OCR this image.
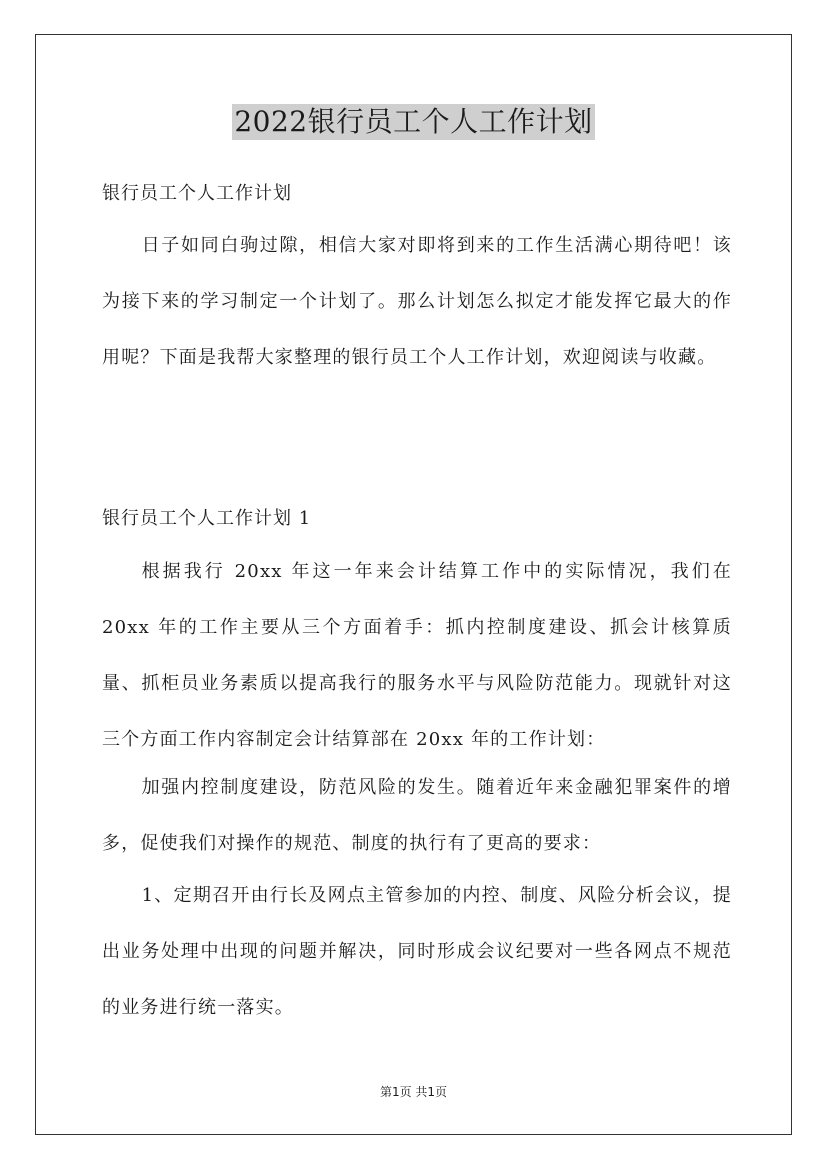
2022银行员工个人工作计划
银行员工个人工作计划

日子如同白驹过隙，相信大家对即将到来的工作生活满心期待吧！该为接下来的学习制定一个计划了。那么计划怎么拟定才能发挥它最大的作用呢？下面是我帮大家整理的银行员工个人工作计划，欢迎阅读与收藏。

银行员工个人工作计划 1

根据我行 20xx 年这一年来会计结算工作中的实际情况，我们在 20xx 年的工作主要从三个方面着手：抓内控制度建设、抓会计核算质量、抓柜员业务素质以提高我行的服务水平与风险防范能力。现就针对这三个方面工作内容制定会计结算部在 20xx 年的工作计划：

加强内控制度建设，防范风险的发生。随着近年来金融犯罪案件的增多，促使我们对操作的规范、制度的执行有了更高的要求：

1、定期召开由行长及网点主管参加的内控、制度、风险分析会议，提出业务处理中出现的问题并解决，同时形成会议纪要对一些各网点不规范的业务进行统一落实。

第1页 共1页
